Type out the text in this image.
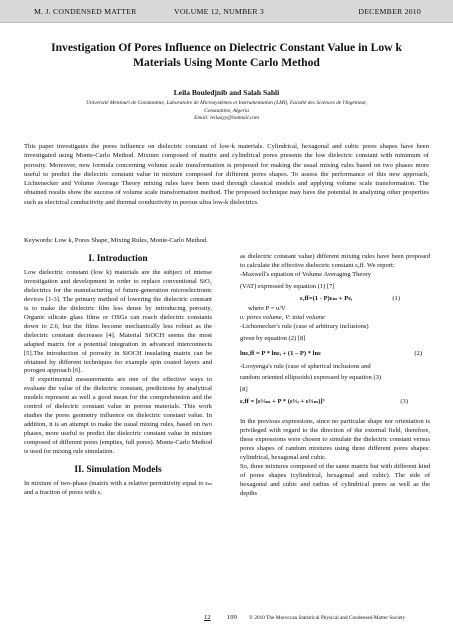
M. J. CONDENSED MATTER	VOLUME 12, NUMBER 3	DECEMBER 2010
Investigation Of Pores Influence on Dielectric Constant Value in Low k Materials Using Monte Carlo Method
Leila Bouledjnib and Salah Sahli
Université Mentouri de Constantine, Laboratoire de Microsystèmes et Instrumentation (LMI), Faculté des Sciences de l'Ingénieur,
Constantine, Algeria
Email: leilaayy@hotmail.com
This paper investigates the pores influence on dielectric constant of low-k materials. Cylindrical, hexagonal and cubic pores shapes have been investigated using Monte-Carlo Method. Mixture composed of matrix and cylindrical pores presents the low dielectric constant with minimum of porosity. Moreover, new formula concerning volume scale transformation is proposed for making the usual mixing rules based on two phases more useful to predict the dielectric constant value in mixture composed for different pores shapes. To assess the performance of this new approach, Lichtenecker and Volume Average Theory mixing rules have been used through classical models and applying volume scale transformation. The obtained results show the success of volume scale transformation method. The proposed technique may have the potential in analyzing other properties such as electrical conductivity and thermal conductivity in porous ultra low-k dielectrics.
Keywords: Low k, Pores Shape, Mixing Rules, Monte-Carlo Method.
I. Introduction

Low dielectric constant (low k) materials are the subject of intense investigation and development in order to replace conventional SiO₂ dielectrics for the manufacturing of future-generation microelectronic devices [1-3]. The primary method of lowering the dielectric constant is to make the dielectric film less dense by introducing porosity. Organic silicate glass films or OSGs can reach dielectric constants down to 2.6, but the films become mechanically less robust as the dielectric constant decreases [4]. Material SiOCH seems the most adapted matrix for a potential integration in advanced interconnects [5].The introduction of porosity in SiOCH insulating matrix can be obtained by different techniques for example spin coated layers and porogen approach [6].

If experimental measurements are one of the effective ways to evaluate the value of the dielectric constant, predictions by analytical models represent as well a good mean for the comprehension and the control of dielectric constant value in porous materials. This work studies the pores geometry influence on dielectric constant value. In addition, it is an attempt to make the usual mixing rules, based on two phases, more useful to predict the dielectric constant value in mixture composed of different pores (empties, full pores). Monte-Carlo Method is used for mixing rule simulation.

II. Simulation Models

In mixture of two-phase (matrix with a relative permittivity equal to εₘ and a fraction of pores with εᵢ

as dielectric constant value) different mixing rules have been proposed to calculate the effective dielectric constant εₑff. We report:

-Maxwell's equation of Volume Averaging Theory

(VAT) expressed by equation (1) [7]

εₑff=(1 - P)εₘ + Pεᵢ	(1)

where P = υ/V

υ: pores volume, V: total volume

-Lichtenecker's rule (case of arbitrary inclusions)

given by equation (2) [8]

lnεₑff = P * lnεᵢ + (1 – P) * lnε	(2)

-Looyenga's rule (case of spherical inclusions and

random oriented ellipsoids) expressed by equation (3)

[8]

εₑff = [ε⅓ₘ + P * (ε⅓ᵢ + ε⅓ₘ)]³	(3)

In the previous expressions, since no particular shape nor orientation is privileged with regard to the direction of the external field, therefore, these expressions were chosen to simulate the dielectric constant versus pores shapes of random mixtures using three different pores shapes: cylindrical, hexagonal and cubic.

So, three mixtures composed of the same matrix but with different kind of pores shapes (cylindrical, hexagonal and cubic). The side of hexagonal and cubic and radius of cylindrical pores as well as the depths

12 199 © 2010 The Moroccan Statistical Physical and Condensed Matter Society
